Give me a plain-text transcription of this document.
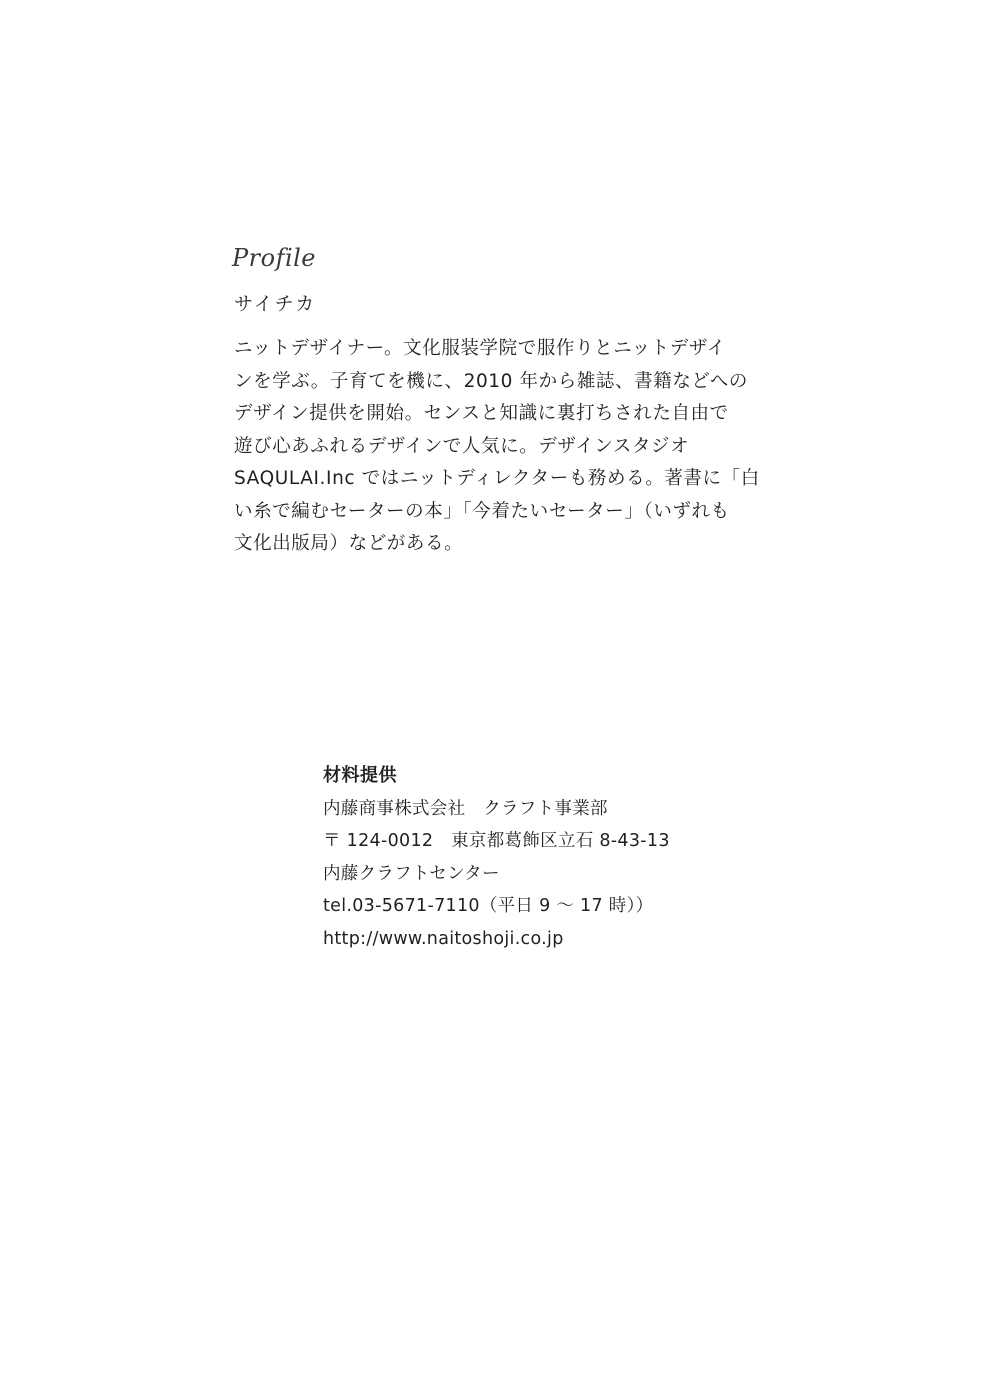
Profile
サイチカ
ニットデザイナー。文化服装学院で服作りとニットデザイ
ンを学ぶ。子育てを機に、2010 年から雑誌、書籍などへの
デザイン提供を開始。センスと知識に裏打ちされた自由で
遊び心あふれるデザインで人気に。デザインスタジオ
SAQULAI.Inc ではニットディレクターも務める。著書に「白
い糸で編むセーターの本」「今着たいセーター」（いずれも
文化出版局）などがある。
材料提供
内藤商事株式会社　クラフト事業部
〒 124-0012　東京都葛飾区立石 8-43-13
内藤クラフトセンター
tel.03-5671-7110（平日 9 ～ 17 時））
http://www.naitoshoji.co.jp
